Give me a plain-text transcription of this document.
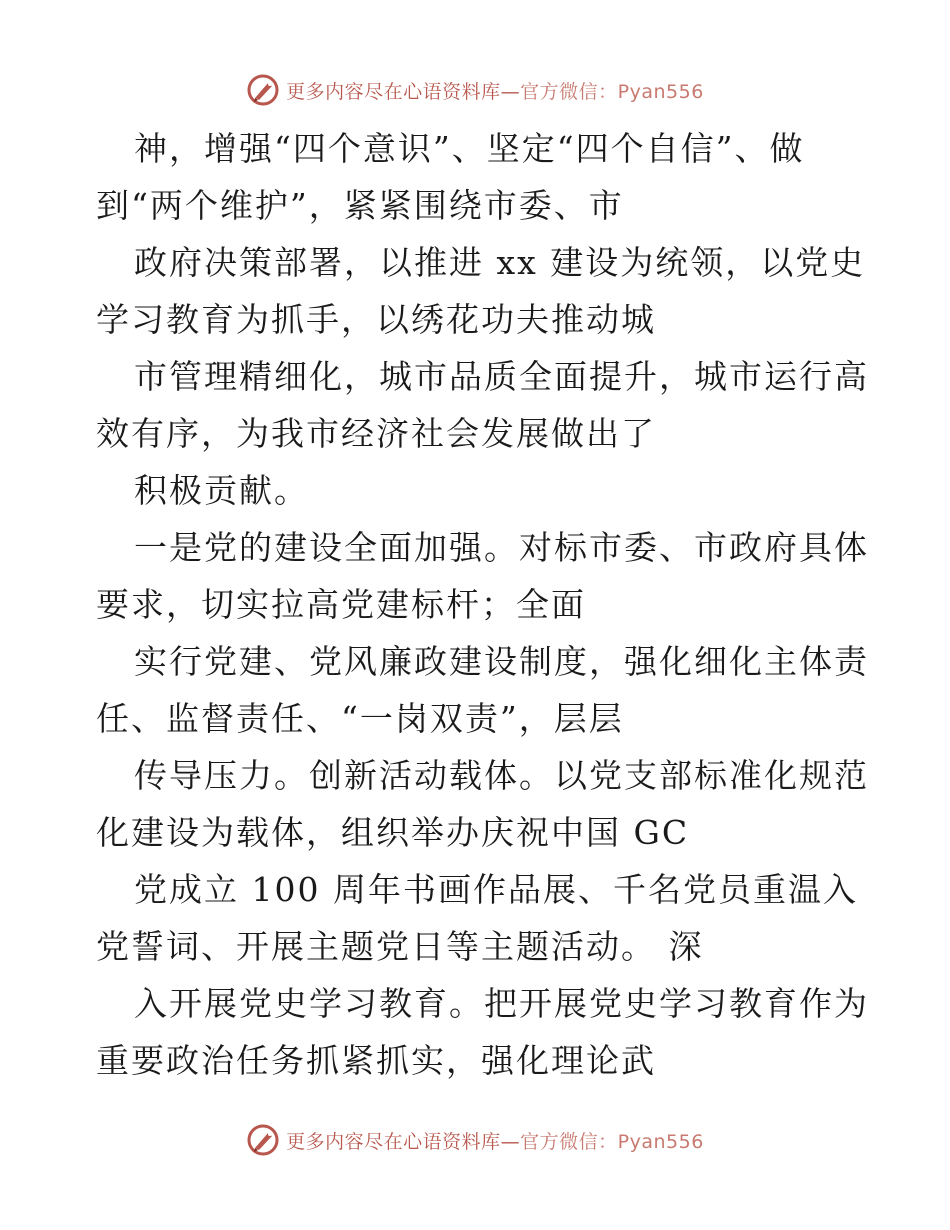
更多内容尽在心语资料库—官方微信：Pyan556
神，增强“四个意识”、坚定“四个自信”、做
到“两个维护”，紧紧围绕市委、市
政府决策部署，以推进 xx 建设为统领，以党史
学习教育为抓手，以绣花功夫推动城
市管理精细化，城市品质全面提升，城市运行高
效有序，为我市经济社会发展做出了
积极贡献。
一是党的建设全面加强。对标市委、市政府具体
要求，切实拉高党建标杆；全面
实行党建、党风廉政建设制度，强化细化主体责
任、监督责任、“一岗双责”，层层
传导压力。创新活动载体。以党支部标准化规范
化建设为载体，组织举办庆祝中国 GC
党成立 100 周年书画作品展、千名党员重温入
党誓词、开展主题党日等主题活动。 深
入开展党史学习教育。把开展党史学习教育作为
重要政治任务抓紧抓实，强化理论武
更多内容尽在心语资料库—官方微信：Pyan556
